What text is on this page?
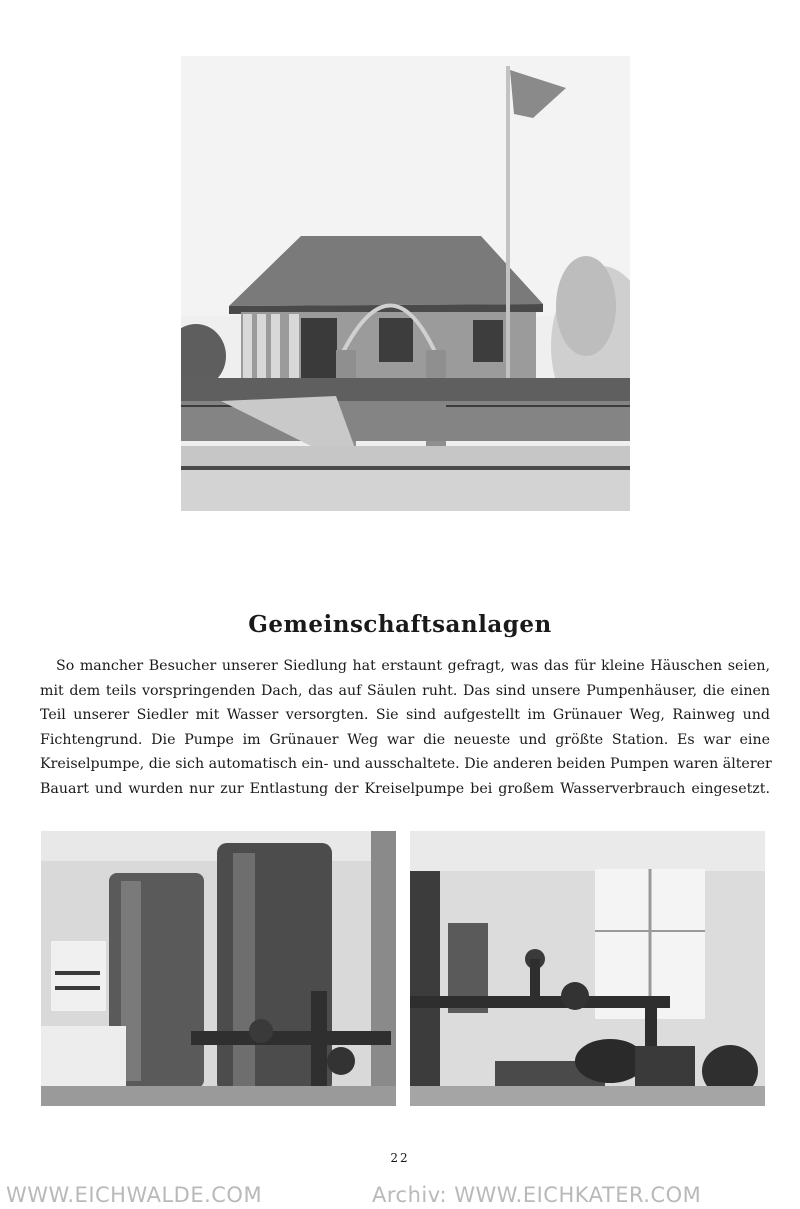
Gemeinschaftsanlagen
So mancher Besucher unserer Siedlung hat erstaunt gefragt, was das für kleine Häuschen seien,
mit dem teils vorspringenden Dach, das auf Säulen ruht. Das sind unsere Pumpenhäuser, die einen
Teil unserer Siedler mit Wasser versorgten. Sie sind aufgestellt im Grünauer Weg, Rainweg und
Fichtengrund. Die Pumpe im Grünauer Weg war die neueste und größte Station. Es war eine
Kreiselpumpe, die sich automatisch ein- und ausschaltete. Die anderen beiden Pumpen waren älterer
Bauart und wurden nur zur Entlastung der Kreiselpumpe bei großem Wasserverbrauch eingesetzt.
22
WWW.EICHWALDE.COM	Archiv: WWW.EICHKATER.COM
